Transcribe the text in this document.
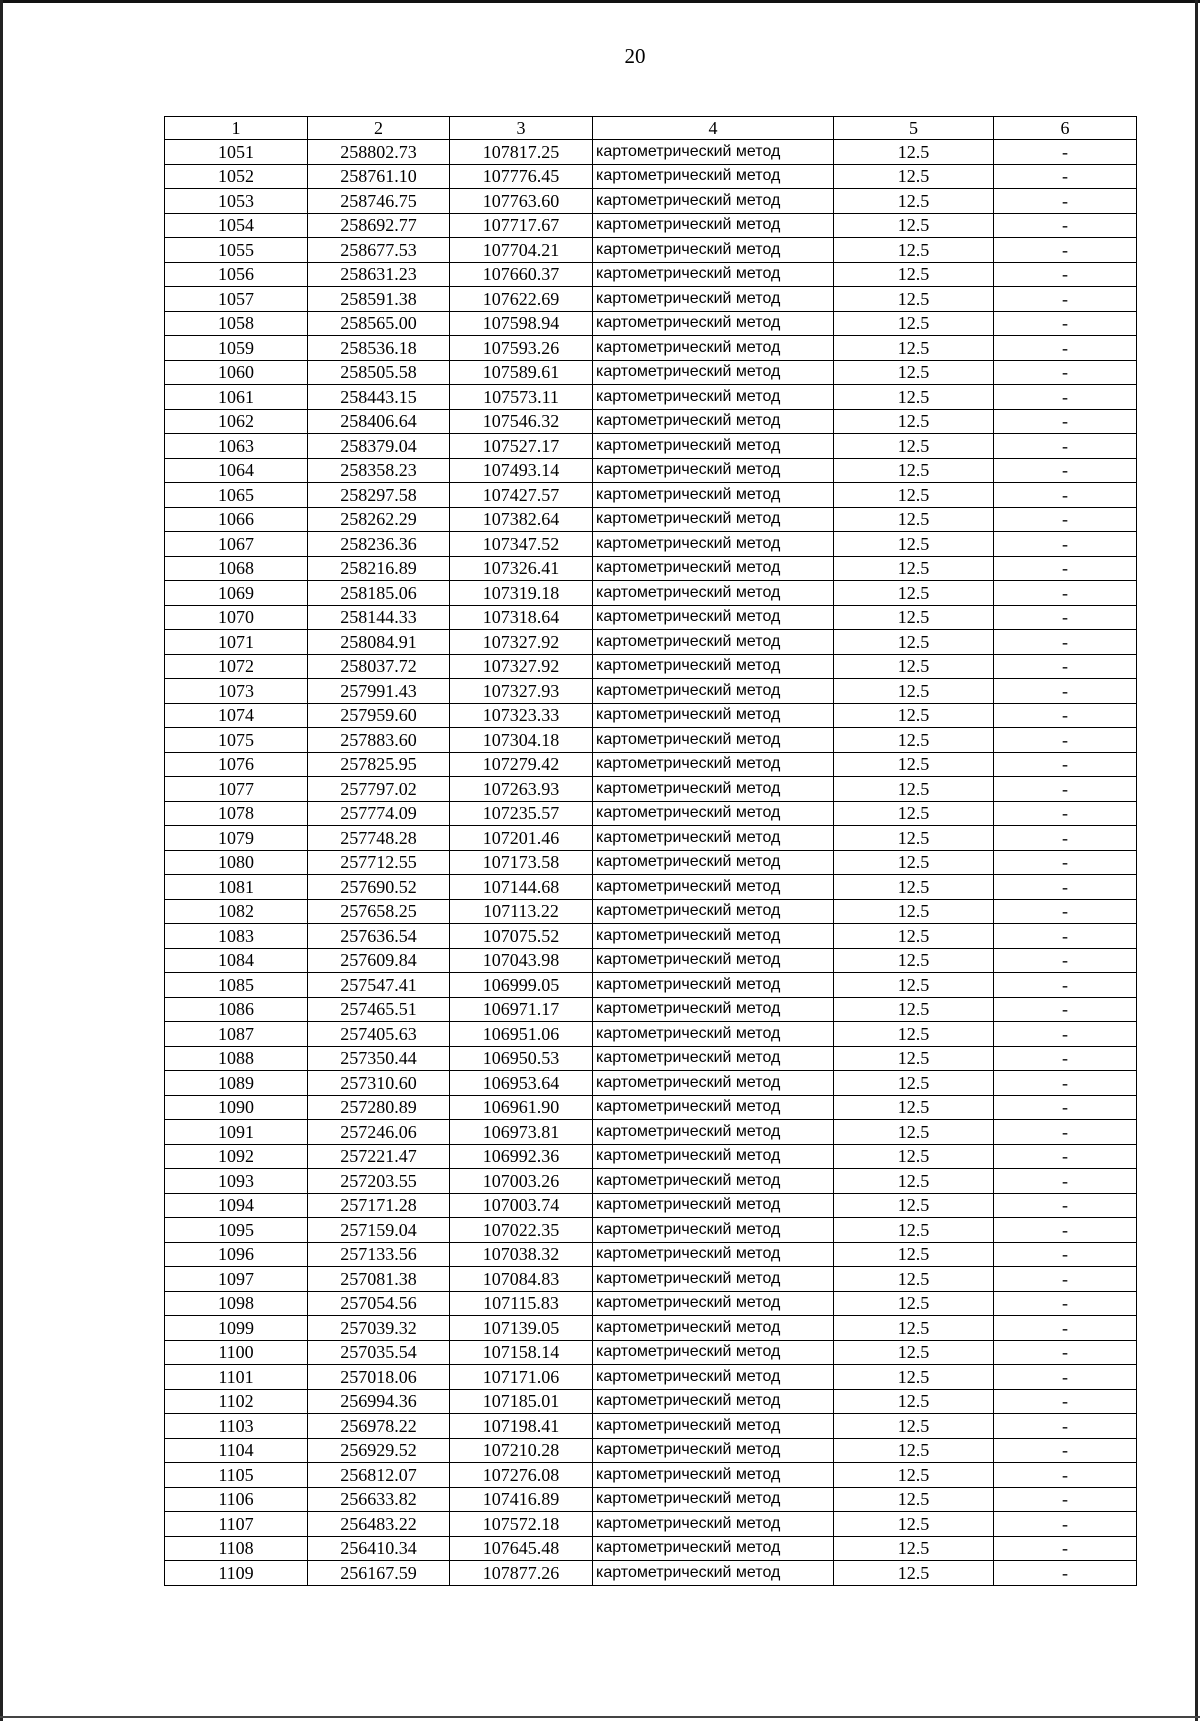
20
1	2	3	4	5	6
1051	258802.73	107817.25	картометрический метод	12.5	-
1052	258761.10	107776.45	картометрический метод	12.5	-
1053	258746.75	107763.60	картометрический метод	12.5	-
1054	258692.77	107717.67	картометрический метод	12.5	-
1055	258677.53	107704.21	картометрический метод	12.5	-
1056	258631.23	107660.37	картометрический метод	12.5	-
1057	258591.38	107622.69	картометрический метод	12.5	-
1058	258565.00	107598.94	картометрический метод	12.5	-
1059	258536.18	107593.26	картометрический метод	12.5	-
1060	258505.58	107589.61	картометрический метод	12.5	-
1061	258443.15	107573.11	картометрический метод	12.5	-
1062	258406.64	107546.32	картометрический метод	12.5	-
1063	258379.04	107527.17	картометрический метод	12.5	-
1064	258358.23	107493.14	картометрический метод	12.5	-
1065	258297.58	107427.57	картометрический метод	12.5	-
1066	258262.29	107382.64	картометрический метод	12.5	-
1067	258236.36	107347.52	картометрический метод	12.5	-
1068	258216.89	107326.41	картометрический метод	12.5	-
1069	258185.06	107319.18	картометрический метод	12.5	-
1070	258144.33	107318.64	картометрический метод	12.5	-
1071	258084.91	107327.92	картометрический метод	12.5	-
1072	258037.72	107327.92	картометрический метод	12.5	-
1073	257991.43	107327.93	картометрический метод	12.5	-
1074	257959.60	107323.33	картометрический метод	12.5	-
1075	257883.60	107304.18	картометрический метод	12.5	-
1076	257825.95	107279.42	картометрический метод	12.5	-
1077	257797.02	107263.93	картометрический метод	12.5	-
1078	257774.09	107235.57	картометрический метод	12.5	-
1079	257748.28	107201.46	картометрический метод	12.5	-
1080	257712.55	107173.58	картометрический метод	12.5	-
1081	257690.52	107144.68	картометрический метод	12.5	-
1082	257658.25	107113.22	картометрический метод	12.5	-
1083	257636.54	107075.52	картометрический метод	12.5	-
1084	257609.84	107043.98	картометрический метод	12.5	-
1085	257547.41	106999.05	картометрический метод	12.5	-
1086	257465.51	106971.17	картометрический метод	12.5	-
1087	257405.63	106951.06	картометрический метод	12.5	-
1088	257350.44	106950.53	картометрический метод	12.5	-
1089	257310.60	106953.64	картометрический метод	12.5	-
1090	257280.89	106961.90	картометрический метод	12.5	-
1091	257246.06	106973.81	картометрический метод	12.5	-
1092	257221.47	106992.36	картометрический метод	12.5	-
1093	257203.55	107003.26	картометрический метод	12.5	-
1094	257171.28	107003.74	картометрический метод	12.5	-
1095	257159.04	107022.35	картометрический метод	12.5	-
1096	257133.56	107038.32	картометрический метод	12.5	-
1097	257081.38	107084.83	картометрический метод	12.5	-
1098	257054.56	107115.83	картометрический метод	12.5	-
1099	257039.32	107139.05	картометрический метод	12.5	-
1100	257035.54	107158.14	картометрический метод	12.5	-
1101	257018.06	107171.06	картометрический метод	12.5	-
1102	256994.36	107185.01	картометрический метод	12.5	-
1103	256978.22	107198.41	картометрический метод	12.5	-
1104	256929.52	107210.28	картометрический метод	12.5	-
1105	256812.07	107276.08	картометрический метод	12.5	-
1106	256633.82	107416.89	картометрический метод	12.5	-
1107	256483.22	107572.18	картометрический метод	12.5	-
1108	256410.34	107645.48	картометрический метод	12.5	-
1109	256167.59	107877.26	картометрический метод	12.5	-
